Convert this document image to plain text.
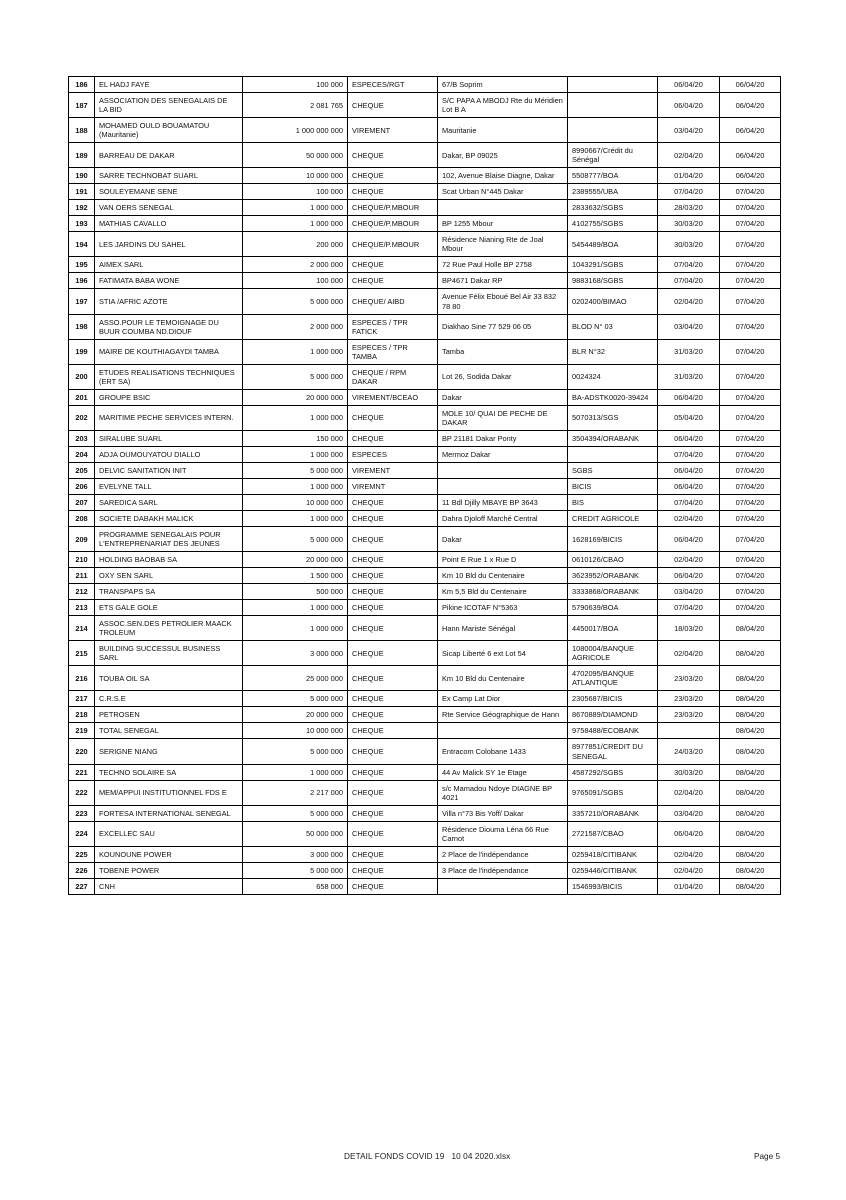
186	EL HADJ FAYE	100 000	ESPECES/RGT	67/B Soprim		06/04/20	06/04/20
187	ASSOCIATION DES SENEGALAIS DE LA BID	2 081 765	CHEQUE	S/C PAPA A MBODJ Rte du Méridien Lot B A		06/04/20	06/04/20
188	MOHAMED OULD BOUAMATOU (Mauritanie)	1 000 000 000	VIREMENT	Mauritanie		03/04/20	06/04/20
189	BARREAU DE DAKAR	50 000 000	CHEQUE	Dakar, BP 09025	8990667/Crédit du Sénégal	02/04/20	06/04/20
190	SARRE TECHNOBAT SUARL	10 000 000	CHEQUE	102, Avenue Blaise Diagne, Dakar	5508777/BOA	01/04/20	06/04/20
191	SOULEYEMANE SENE	100 000	CHEQUE	Scat Urban N°445 Dakar	2389555/UBA	07/04/20	07/04/20
192	VAN OERS SENEGAL	1 000 000	CHEQUE/P.MBOUR		2833632/SGBS	28/03/20	07/04/20
193	MATHIAS CAVALLO	1 000 000	CHEQUE/P.MBOUR	BP 1255 Mbour	4102755/SGBS	30/03/20	07/04/20
194	LES JARDINS DU SAHEL	200 000	CHEQUE/P.MBOUR	Résidence Nianing Rte de Joal Mbour	5454489/BOA	30/03/20	07/04/20
195	AIMEX SARL	2 000 000	CHEQUE	72 Rue Paul Holle BP 2758	1043291/SGBS	07/04/20	07/04/20
196	FATIMATA BABA WONE	100 000	CHEQUE	BP4671 Dakar RP	9883168/SGBS	07/04/20	07/04/20
197	STIA /AFRIC AZOTE	5 000 000	CHEQUE/ AIBD	Avenue Félix Eboué Bel Air 33 832 78 80	0202400/BIMAO	02/04/20	07/04/20
198	ASSO.POUR LE TEMOIGNAGE DU BUUR COUMBA ND.DIOUF	2 000 000	ESPECES / TPR FATICK	Diakhao Sine 77 529 06 05	BLOD N° 03	03/04/20	07/04/20
199	MAIRE DE KOUTHIAGAYDI TAMBA	1 000 000	ESPECES / TPR TAMBA	Tamba	BLR N°32	31/03/20	07/04/20
200	ETUDES REALISATIONS TECHNIQUES (ERT SA)	5 000 000	CHEQUE / RPM DAKAR	Lot 26, Sodida Dakar	0024324	31/03/20	07/04/20
201	GROUPE BSIC	20 000 000	VIREMENT/BCEAO	Dakar	BA-ADSTK0020-39424	06/04/20	07/04/20
202	MARITIME PECHE SERVICES INTERN.	1 000 000	CHEQUE	MOLE 10/ QUAI DE PECHE DE DAKAR	5070313/SGS	05/04/20	07/04/20
203	SIRALUBE SUARL	150 000	CHEQUE	BP 21181 Dakar Ponty	3504394/ORABANK	06/04/20	07/04/20
204	ADJA OUMOUYATOU DIALLO	1 000 000	ESPECES	Mermoz Dakar		07/04/20	07/04/20
205	DELVIC SANITATION INIT	5 000 000	VIREMENT		SGBS	06/04/20	07/04/20
206	EVELYNE TALL	1 000 000	VIREMNT		BICIS	06/04/20	07/04/20
207	SAREDICA SARL	10 000 000	CHEQUE	11 Bdl Djilly MBAYE BP 3643	BIS	07/04/20	07/04/20
208	SOCIETE DABAKH MALICK	1 000 000	CHEQUE	Dahra Djoloff Marché Central	CREDIT AGRICOLE	02/04/20	07/04/20
209	PROGRAMME SENEGALAIS POUR L'ENTREPRENARIAT DES JEUNES	5 000 000	CHEQUE	Dakar	1628169/BICIS	06/04/20	07/04/20
210	HOLDING BAOBAB SA	20 000 000	CHEQUE	Point E Rue 1 x Rue D	0610126/CBAO	02/04/20	07/04/20
211	OXY SEN SARL	1 500 000	CHEQUE	Km 10 Bld du Centenaire	3623952/ORABANK	06/04/20	07/04/20
212	TRANSPAPS SA	500 000	CHEQUE	Km 5,5 Bld du Centenaire	3333868/ORABANK	03/04/20	07/04/20
213	ETS GALE GOLE	1 000 000	CHEQUE	Pikine ICOTAF N°5363	5790639/BOA	07/04/20	07/04/20
214	ASSOC.SEN.DES PETROLIER MAACK TROLEUM	1 000 000	CHEQUE	Hann Mariste Sénégal	4450017/BOA	18/03/20	08/04/20
215	BUILDING SUCCESSUL BUSINESS SARL	3 000 000	CHEQUE	Sicap Liberté 6 ext Lot 54	1080004/BANQUE AGRICOLE	02/04/20	08/04/20
216	TOUBA OIL SA	25 000 000	CHEQUE	Km 10 Bld du Centenaire	4702095/BANQUE ATLANTIQUE	23/03/20	08/04/20
217	C.R.S.E	5 000 000	CHEQUE	Ex Camp Lat Dior	2305687/BICIS	23/03/20	08/04/20
218	PETROSEN	20 000 000	CHEQUE	Rte Service Géographique de Hann	8670889/DIAMOND	23/03/20	08/04/20
219	TOTAL SENEGAL	10 000 000	CHEQUE		9758488/ECOBANK		08/04/20
220	SERIGNE NIANG	5 000 000	CHEQUE	Entracom Colobane 1433	8977851/CREDIT DU SENEGAL	24/03/20	08/04/20
221	TECHNO SOLAIRE SA	1 000 000	CHEQUE	44 Av Malick SY 1e Etage	4587292/SGBS	30/03/20	08/04/20
222	MEM/APPUI INSTITUTIONNEL FDS E	2 217 000	CHEQUE	s/c Mamadou Ndoye DIAGNE BP 4021	9765091/SGBS	02/04/20	08/04/20
223	FORTESA INTERNATIONAL SENEGAL	5 000 000	CHEQUE	Villa n°73 Bis Yoff/ Dakar	3357210/ORABANK	03/04/20	08/04/20
224	EXCELLEC SAU	50 000 000	CHEQUE	Résidence Diouma Léna 66 Rue Carnot	2721587/CBAO	06/04/20	08/04/20
225	KOUNOUNE POWER	3 000 000	CHEQUE	2 Place de l'indépendance	0259418/CITIBANK	02/04/20	08/04/20
226	TOBENE POWER	5 000 000	CHEQUE	3 Place de l'indépendance	0259446/CITIBANK	02/04/20	08/04/20
227	CNH	658 000	CHEQUE		1546993/BICIS	01/04/20	08/04/20
DETAIL FONDS COVID 19   10 04 2020.xlsx	Page 5
